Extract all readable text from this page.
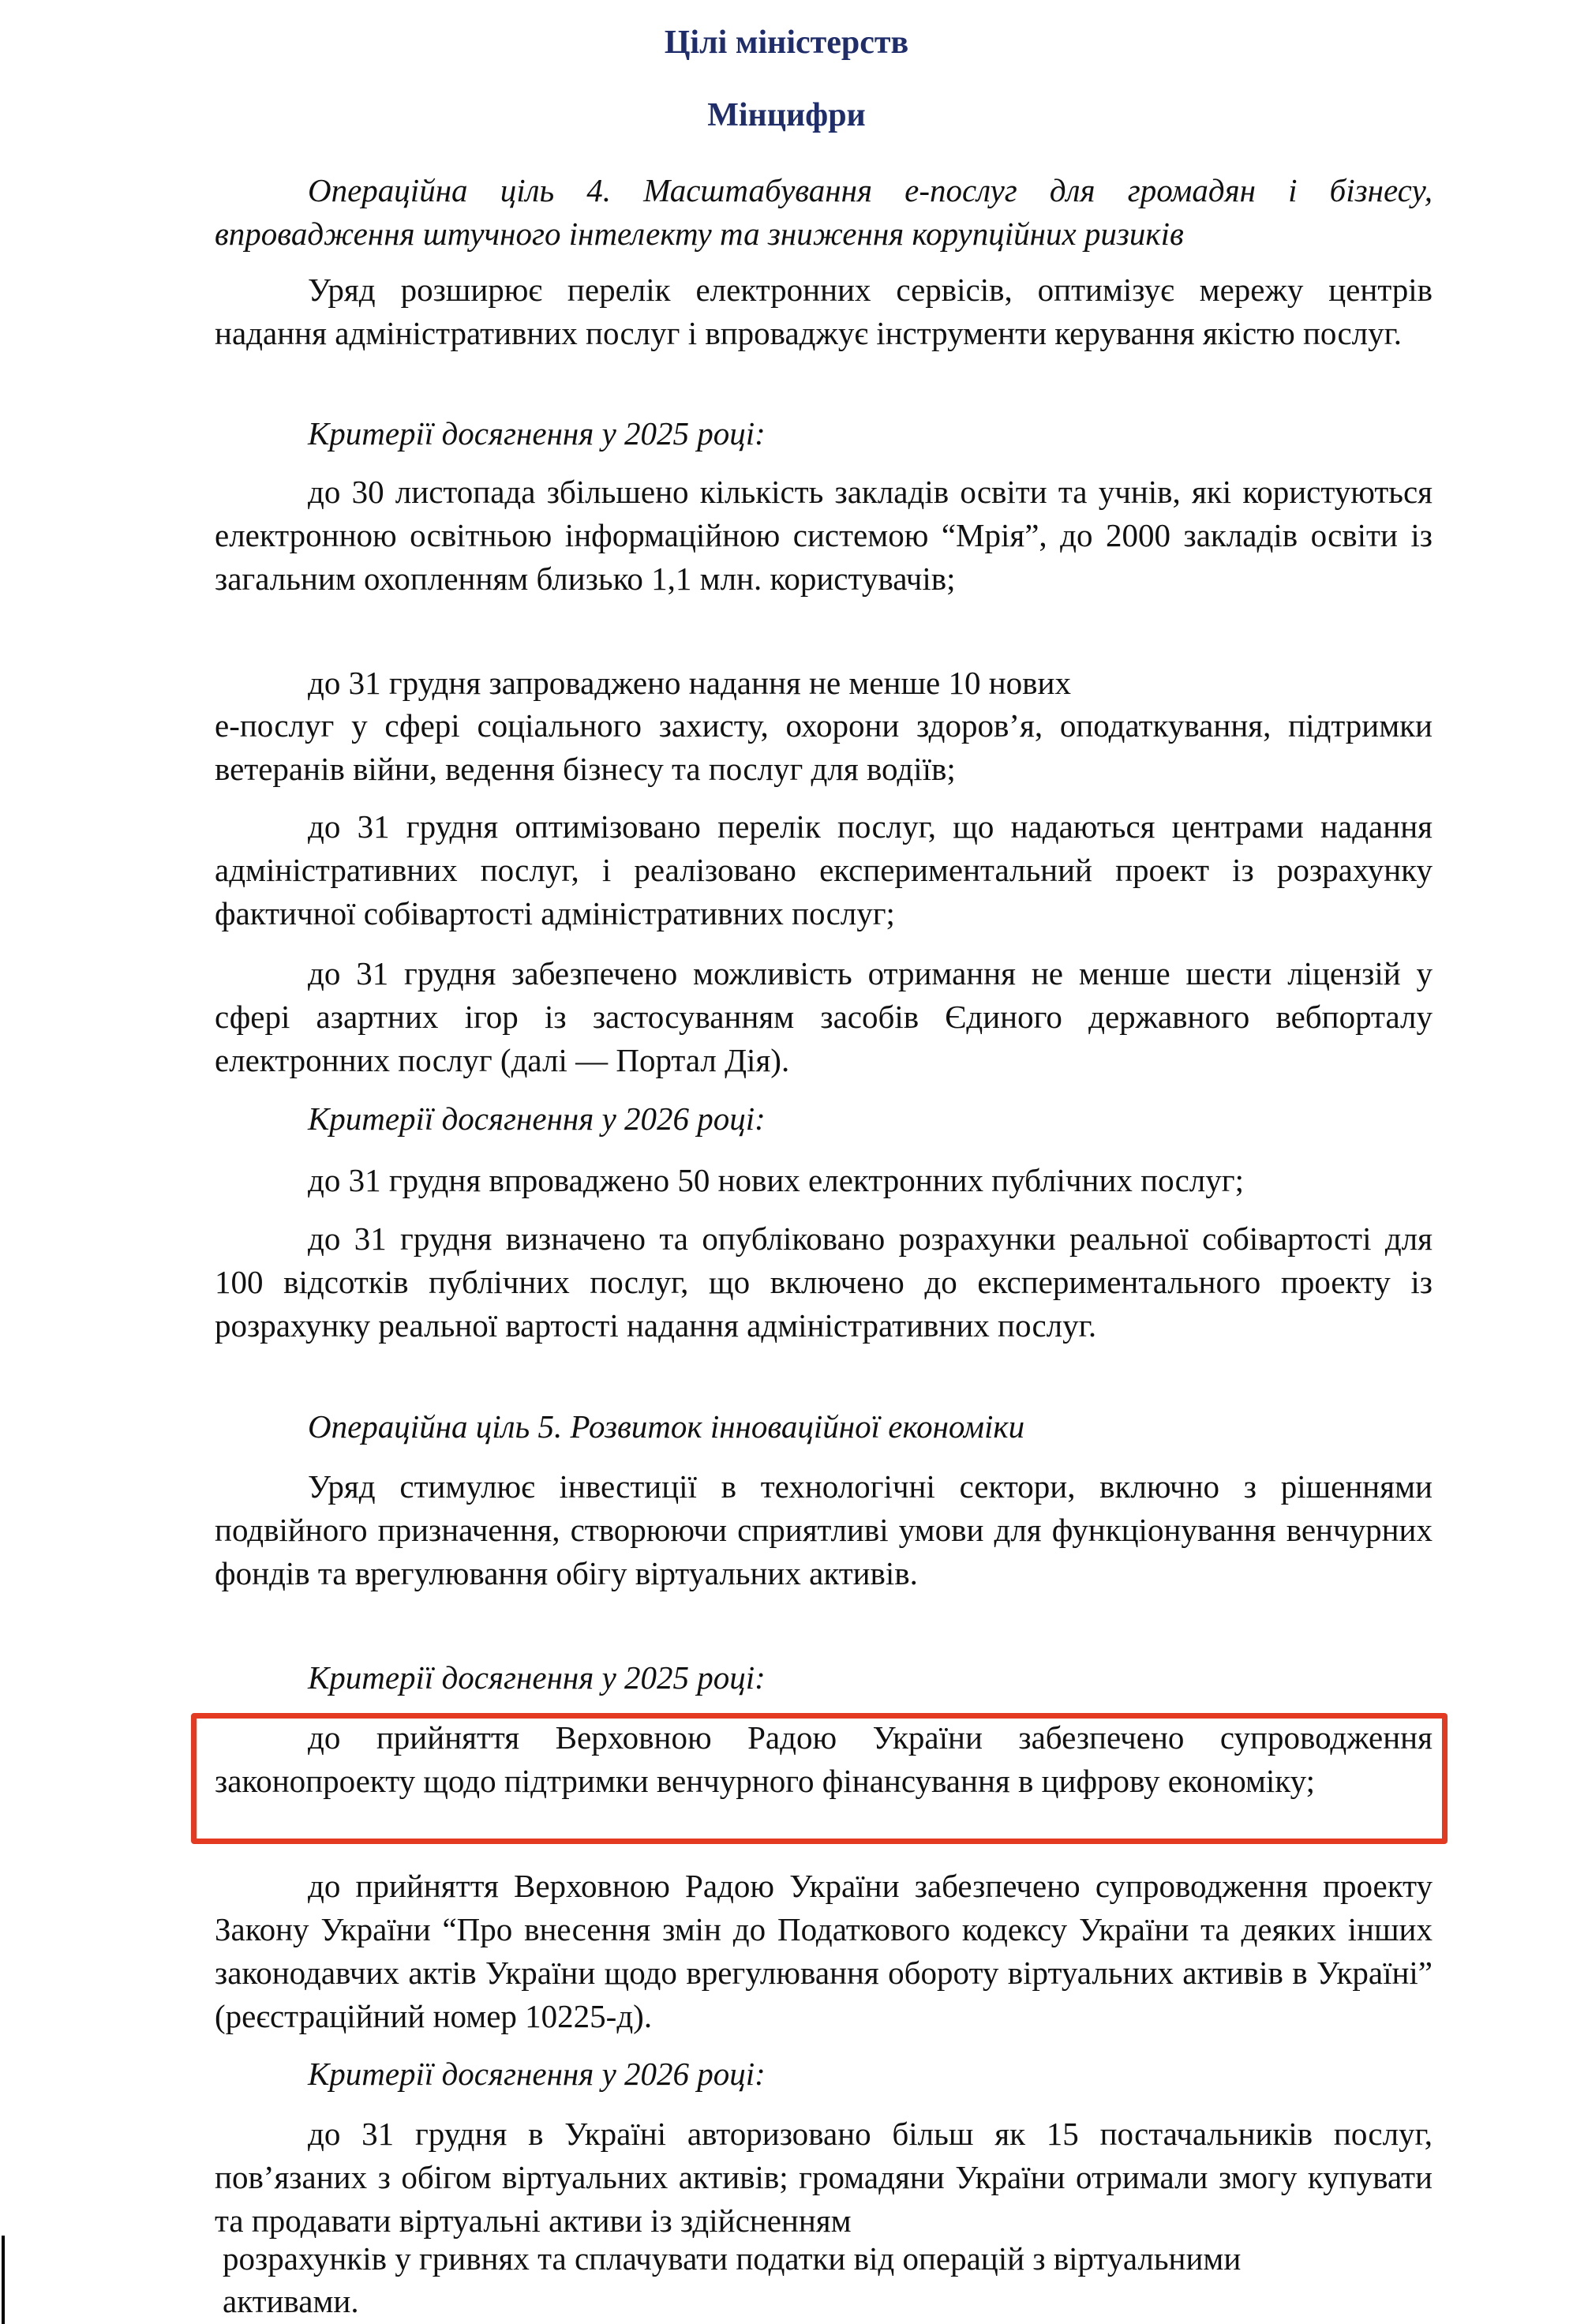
Цілі міністерств
Мінцифри
Операційна ціль 4. Масштабування е-послуг для громадян і бізнесу, впровадження штучного інтелекту та зниження корупційних ризиків
Уряд розширює перелік електронних сервісів, оптимізує мережу центрів надання адміністративних послуг і впроваджує інструменти керування якістю послуг.
Критерії досягнення у 2025 році:
до 30 листопада збільшено кількість закладів освіти та учнів, які користуються електронною освітньою інформаційною системою “Мрія”, до 2000 закладів освіти із загальним охопленням близько 1,1 млн. користувачів;
до 31 грудня запроваджено надання не менше 10 нових
е-послуг у сфері соціального захисту, охорони здоров’я, оподаткування, підтримки ветеранів війни, ведення бізнесу та послуг для водіїв;
до 31 грудня оптимізовано перелік послуг, що надаються центрами надання адміністративних послуг, і реалізовано експериментальний проект із розрахунку фактичної собівартості адміністративних послуг;
до 31 грудня забезпечено можливість отримання не менше шести ліцензій у сфері азартних ігор із застосуванням засобів Єдиного державного вебпорталу електронних послуг (далі — Портал Дія).
Критерії досягнення у 2026 році:
до 31 грудня впроваджено 50 нових електронних публічних послуг;
до 31 грудня визначено та опубліковано розрахунки реальної собівартості для 100 відсотків публічних послуг, що включено до експериментального проекту із розрахунку реальної вартості надання адміністративних послуг.
Операційна ціль 5. Розвиток інноваційної економіки
Уряд стимулює інвестиції в технологічні сектори, включно з рішеннями подвійного призначення, створюючи сприятливі умови для функціонування венчурних фондів та врегулювання обігу віртуальних активів.
Критерії досягнення у 2025 році:
до прийняття Верховною Радою України забезпечено супроводження законопроекту щодо підтримки венчурного фінансування в цифрову економіку;
до прийняття Верховною Радою України забезпечено супроводження проекту Закону України “Про внесення змін до Податкового кодексу України та деяких інших законодавчих актів України щодо врегулювання обороту віртуальних активів в Україні” (реєстраційний номер 10225-д).
Критерії досягнення у 2026 році:
до 31 грудня в Україні авторизовано більш як 15 постачальників послуг, пов’язаних з обігом віртуальних активів; громадяни України отримали змогу купувати та продавати віртуальні активи із здійсненням
розрахунків у гривнях та сплачувати податки від операцій з віртуальними
активами.
